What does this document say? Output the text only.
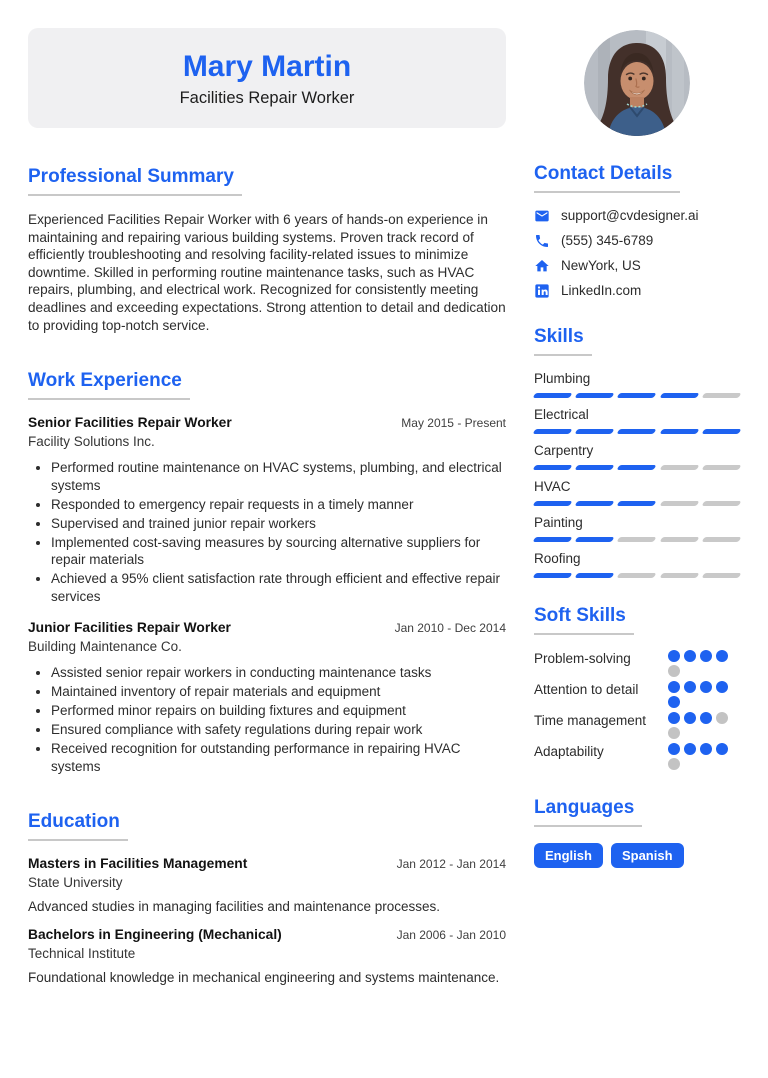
Mary Martin
Facilities Repair Worker
Professional Summary

Experienced Facilities Repair Worker with 6 years of hands-on experience in maintaining and repairing various building systems. Proven track record of efficiently troubleshooting and resolving facility-related issues to minimize downtime. Skilled in performing routine maintenance tasks, such as HVAC repairs, plumbing, and electrical work. Recognized for consistently meeting deadlines and exceeding expectations. Strong attention to detail and dedication to providing top-notch service.

Work Experience
Senior Facilities Repair Worker	May 2015 - Present
Facility Solutions Inc.
• Performed routine maintenance on HVAC systems, plumbing, and electrical systems
• Responded to emergency repair requests in a timely manner
• Supervised and trained junior repair workers
• Implemented cost-saving measures by sourcing alternative suppliers for repair materials
• Achieved a 95% client satisfaction rate through efficient and effective repair services
Junior Facilities Repair Worker	Jan 2010 - Dec 2014
Building Maintenance Co.
• Assisted senior repair workers in conducting maintenance tasks
• Maintained inventory of repair materials and equipment
• Performed minor repairs on building fixtures and equipment
• Ensured compliance with safety regulations during repair work
• Received recognition for outstanding performance in repairing HVAC systems
Education
Masters in Facilities Management	Jan 2012 - Jan 2014
State University
Advanced studies in managing facilities and maintenance processes.
Bachelors in Engineering (Mechanical)	Jan 2006 - Jan 2010
Technical Institute
Foundational knowledge in mechanical engineering and systems maintenance.
Contact Details
support@cvdesigner.ai
(555) 345-6789
NewYork, US
LinkedIn.com
Skills
Plumbing
Electrical
Carpentry
HVAC
Painting
Roofing
Soft Skills
Problem-solving
Attention to detail
Time management
Adaptability
Languages
English	Spanish
